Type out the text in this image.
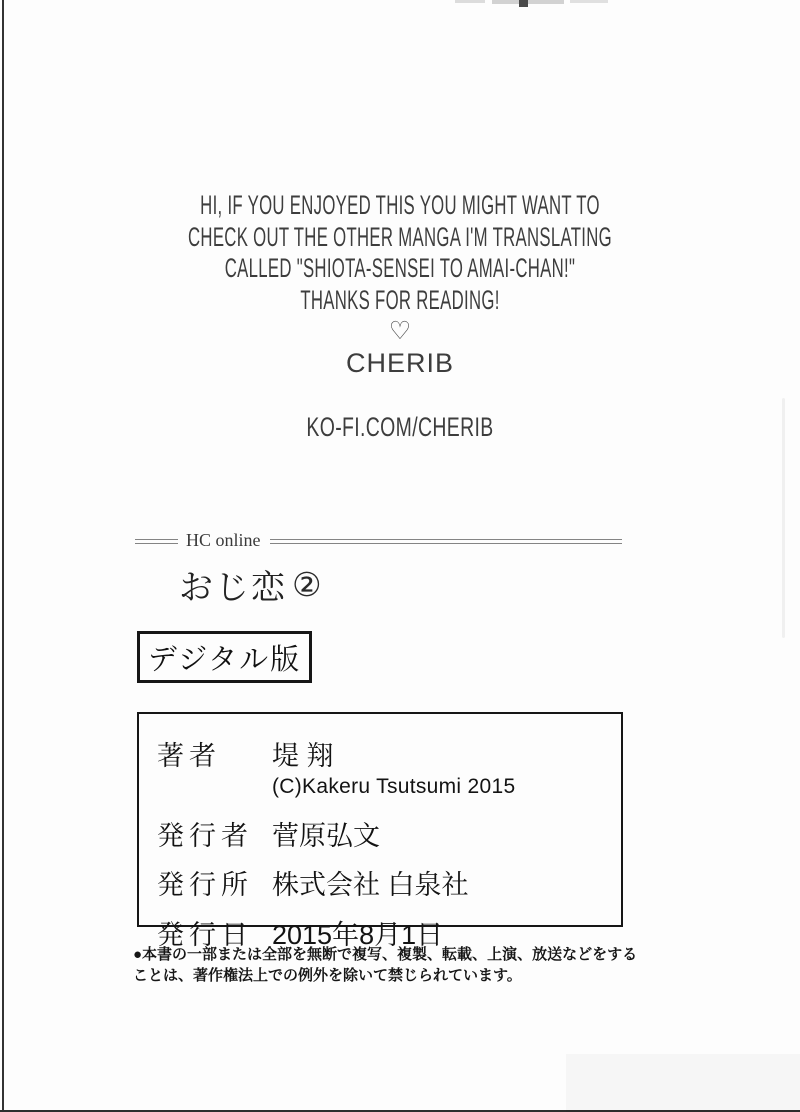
HI, IF YOU ENJOYED THIS YOU MIGHT WANT TO
CHECK OUT THE OTHER MANGA I'M TRANSLATING
CALLED "SHIOTA-SENSEI TO AMAI-CHAN!"
THANKS FOR READING!
♡
CHERIB
KO-FI.COM/CHERIB
HC online
おじ恋 ②
デジタル版
著者	堤 翔
(C)Kakeru Tsutsumi 2015
発行者 菅原弘文
発行所 株式会社 白泉社
発行日 2015年8月1日
●本書の一部または全部を無断で複写、複製、転載、上演、放送などをする
ことは、著作権法上での例外を除いて禁じられています。
